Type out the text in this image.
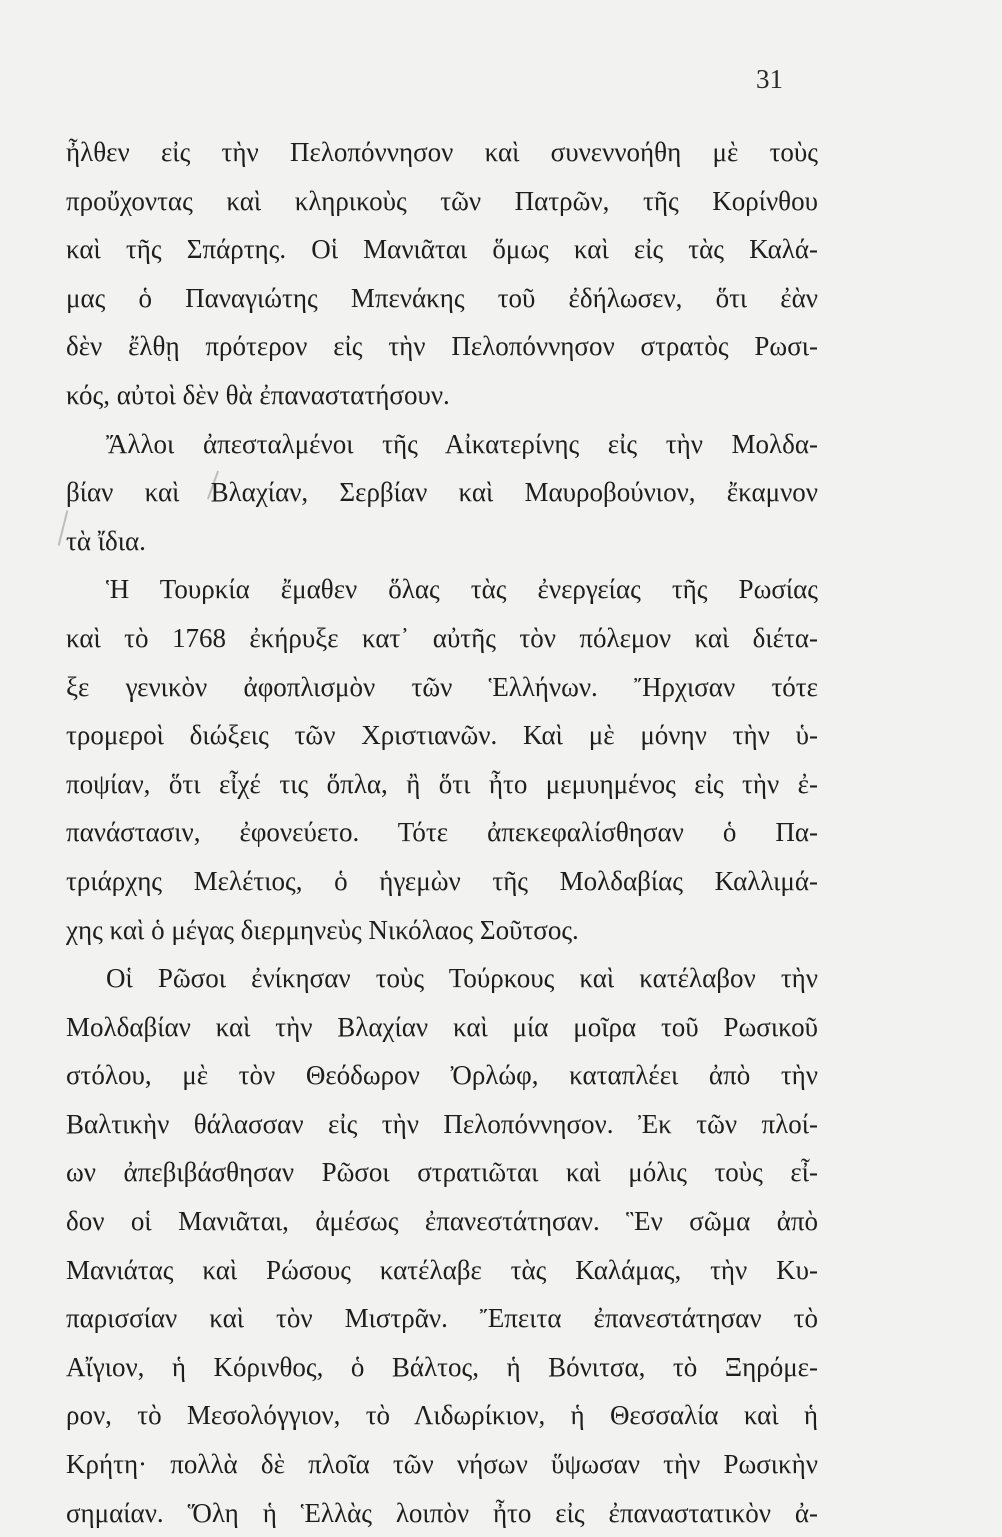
31
ἦλθεν εἰς τὴν Πελοπόννησον καὶ συνεννοήθη μὲ τοὺς
προὔχοντας καὶ κληρικοὺς τῶν Πατρῶν, τῆς Κορίνθου
καὶ τῆς Σπάρτης. Οἱ Μανιᾶται ὅμως καὶ εἰς τὰς Καλά-
μας ὁ Παναγιώτης Μπενάκης τοῦ ἐδήλωσεν, ὅτι ἐὰν
δὲν ἔλθῃ πρότερον εἰς τὴν Πελοπόννησον στρατὸς Ρωσι-
κός, αὐτοὶ δὲν θὰ ἐπαναστατήσουν.
Ἄλλοι ἀπεσταλμένοι τῆς Αἰκατερίνης εἰς τὴν Μολδα-
βίαν καὶ Βλαχίαν, Σερβίαν καὶ Μαυροβούνιον, ἔκαμνον
τὰ ἴδια.
Ἡ Τουρκία ἔμαθεν ὅλας τὰς ἐνεργείας τῆς Ρωσίας
καὶ τὸ 1768 ἐκήρυξε κατ᾽ αὐτῆς τὸν πόλεμον καὶ διέτα-
ξε γενικὸν ἀφοπλισμὸν τῶν Ἑλλήνων. Ἤρχισαν τότε
τρομεροὶ διώξεις τῶν Χριστιανῶν. Καὶ μὲ μόνην τὴν ὑ-
ποψίαν, ὅτι εἶχέ τις ὅπλα, ἢ ὅτι ἦτο μεμυημένος εἰς τὴν ἐ-
πανάστασιν, ἐφονεύετο. Τότε ἀπεκεφαλίσθησαν ὁ Πα-
τριάρχης Μελέτιος, ὁ ἡγεμὼν τῆς Μολδαβίας Καλλιμά-
χης καὶ ὁ μέγας διερμηνεὺς Νικόλαος Σοῦτσος.
Οἱ Ρῶσοι ἐνίκησαν τοὺς Τούρκους καὶ κατέλαβον τὴν
Μολδαβίαν καὶ τὴν Βλαχίαν καὶ μία μοῖρα τοῦ Ρωσικοῦ
στόλου, μὲ τὸν Θεόδωρον Ὀρλώφ, καταπλέει ἀπὸ τὴν
Βαλτικὴν θάλασσαν εἰς τὴν Πελοπόννησον. Ἐκ τῶν πλοί-
ων ἀπεβιβάσθησαν Ρῶσοι στρατιῶται καὶ μόλις τοὺς εἶ-
δον οἱ Μανιᾶται, ἀμέσως ἐπανεστάτησαν. Ἓν σῶμα ἀπὸ
Μανιάτας καὶ Ρώσους κατέλαβε τὰς Καλάμας, τὴν Κυ-
παρισσίαν καὶ τὸν Μιστρᾶν. Ἔπειτα ἐπανεστάτησαν τὸ
Αἴγιον, ἡ Κόρινθος, ὁ Βάλτος, ἡ Βόνιτσα, τὸ Ξηρόμε-
ρον, τὸ Μεσολόγγιον, τὸ Λιδωρίκιον, ἡ Θεσσαλία καὶ ἡ
Κρήτη· πολλὰ δὲ πλοῖα τῶν νήσων ὕψωσαν τὴν Ρωσικὴν
σημαίαν. Ὅλη ἡ Ἑλλὰς λοιπὸν ἦτο εἰς ἐπαναστατικὸν ἀ-
